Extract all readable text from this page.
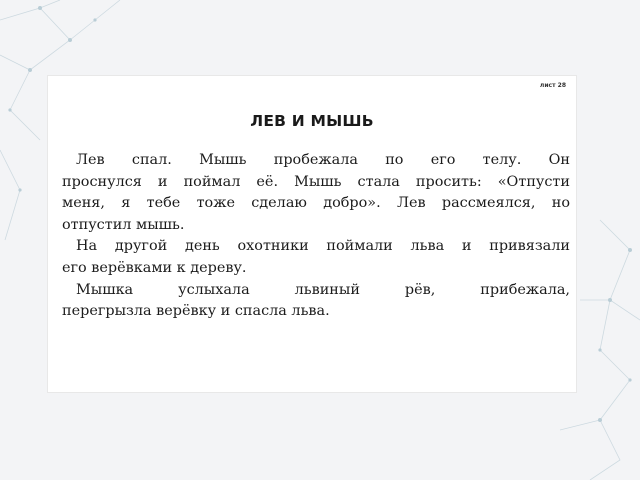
лист 28
ЛЕВ И МЫШЬ
Лев спал. Мышь пробежала по его телу. Он
проснулся и поймал её. Мышь стала просить: «Отпусти
меня, я тебе тоже сделаю добро». Лев рассмеялся, но
отпустил мышь.
На другой день охотники поймали льва и привязали
его верёвками к дереву.
Мышка услыхала львиный рёв, прибежала,
перегрызла верёвку и спасла льва.
